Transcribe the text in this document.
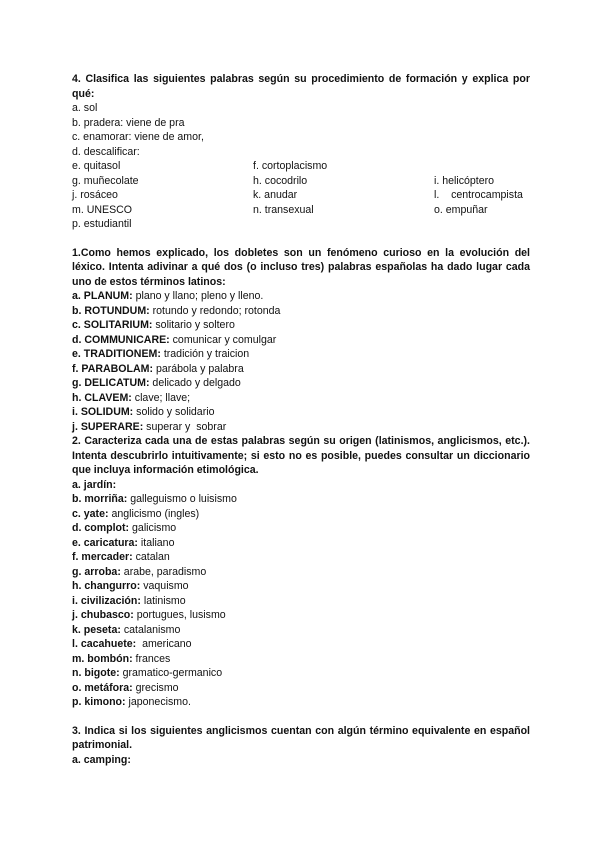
4. Clasifica las siguientes palabras según su procedimiento de formación y explica por qué:
a. sol
b. pradera: viene de pra
c. enamorar: viene de amor,
d. descalificar:
e. quitasol	f. cortoplacismo
g. muñecolate	h. cocodrilo	i. helicóptero
j. rosáceo	k. anudar	l.    centrocampista
m. UNESCO	n. transexual	o. empuñar
p. estudiantil
1.Como hemos explicado, los dobletes son un fenómeno curioso en la evolución del léxico. Intenta adivinar a qué dos (o incluso tres) palabras españolas ha dado lugar cada uno de estos términos latinos:
a. PLANUM: plano y llano; pleno y lleno.
b. ROTUNDUM: rotundo y redondo; rotonda
c. SOLITARIUM: solitario y soltero
d. COMMUNICARE: comunicar y comulgar
e. TRADITIONEM: tradición y traicion
f. PARABOLAM: parábola y palabra
g. DELICATUM: delicado y delgado
h. CLAVEM: clave; llave;
i. SOLIDUM: solido y solidario
j. SUPERARE: superar y  sobrar
2. Caracteriza cada una de estas palabras según su origen (latinismos, anglicismos, etc.). Intenta descubrirlo intuitivamente; si esto no es posible, puedes consultar un diccionario que incluya información etimológica.
a. jardín:
b. morriña: galleguismo o luisismo
c. yate: anglicismo (ingles)
d. complot: galicismo
e. caricatura: italiano
f. mercader: catalan
g. arroba: arabe, paradismo
h. changurro: vaquismo
i. civilización: latinismo
j. chubasco: portugues, lusismo
k. peseta: catalanismo
l. cacahuete:  americano
m. bombón: frances
n. bigote: gramatico-germanico
o. metáfora: grecismo
p. kimono: japonecismo.
3. Indica si los siguientes anglicismos cuentan con algún término equivalente en español patrimonial.
a. camping:
